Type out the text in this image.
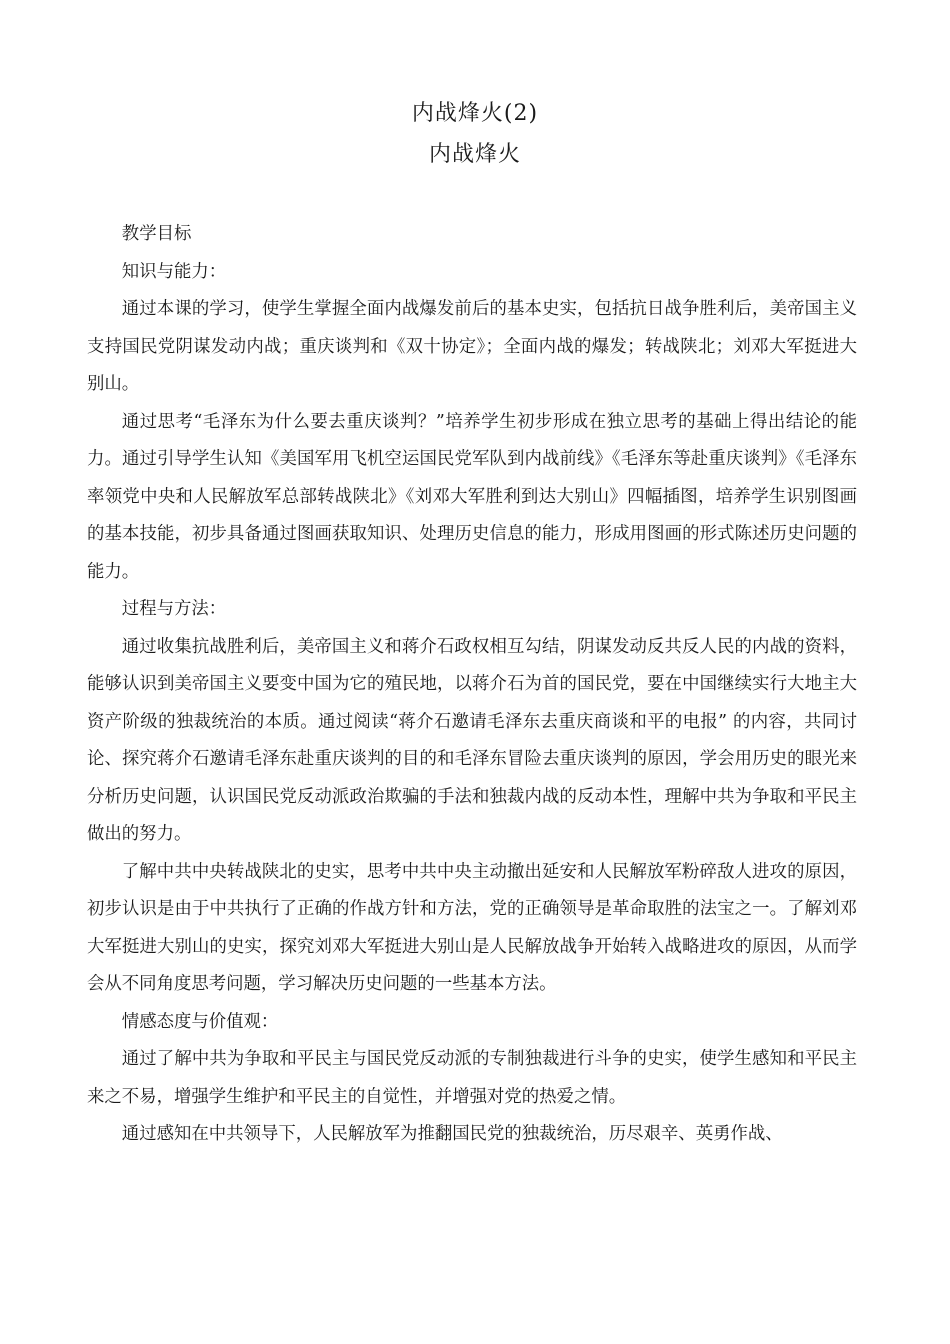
内战烽火(2)
内战烽火

教学目标

知识与能力：

通过本课的学习，使学生掌握全面内战爆发前后的基本史实，包括抗日战争胜利后，美帝国主义支持国民党阴谋发动内战；重庆谈判和《双十协定》；全面内战的爆发；转战陕北；刘邓大军挺进大别山。

通过思考“毛泽东为什么要去重庆谈判？”培养学生初步形成在独立思考的基础上得出结论的能力。通过引导学生认知《美国军用飞机空运国民党军队到内战前线》《毛泽东等赴重庆谈判》《毛泽东率领党中央和人民解放军总部转战陕北》《刘邓大军胜利到达大别山》四幅插图，培养学生识别图画的基本技能，初步具备通过图画获取知识、处理历史信息的能力，形成用图画的形式陈述历史问题的能力。

过程与方法：

通过收集抗战胜利后，美帝国主义和蒋介石政权相互勾结，阴谋发动反共反人民的内战的资料，能够认识到美帝国主义要变中国为它的殖民地，以蒋介石为首的国民党，要在中国继续实行大地主大资产阶级的独裁统治的本质。通过阅读“蒋介石邀请毛泽东去重庆商谈和平的电报” 的内容，共同讨论、探究蒋介石邀请毛泽东赴重庆谈判的目的和毛泽东冒险去重庆谈判的原因，学会用历史的眼光来分析历史问题，认识国民党反动派政治欺骗的手法和独裁内战的反动本性，理解中共为争取和平民主做出的努力。

了解中共中央转战陕北的史实，思考中共中央主动撤出延安和人民解放军粉碎敌人进攻的原因，初步认识是由于中共执行了正确的作战方针和方法，党的正确领导是革命取胜的法宝之一。了解刘邓大军挺进大别山的史实，探究刘邓大军挺进大别山是人民解放战争开始转入战略进攻的原因，从而学会从不同角度思考问题，学习解决历史问题的一些基本方法。

情感态度与价值观：

通过了解中共为争取和平民主与国民党反动派的专制独裁进行斗争的史实，使学生感知和平民主来之不易，增强学生维护和平民主的自觉性，并增强对党的热爱之情。

通过感知在中共领导下，人民解放军为推翻国民党的独裁统治，历尽艰辛、英勇作战、
